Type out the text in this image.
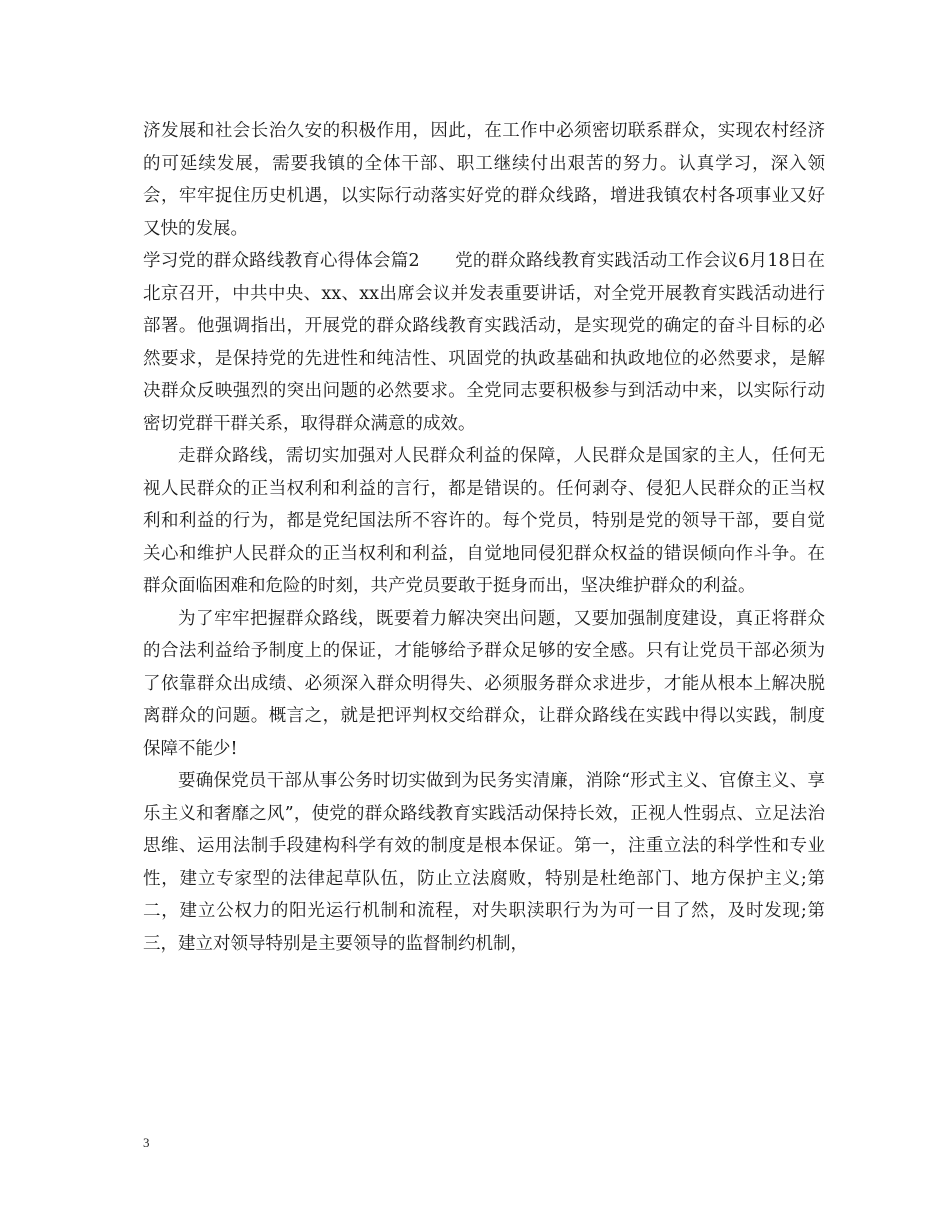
济发展和社会长治久安的积极作用，因此，在工作中必须密切联系群众，实现农村经济的可延续发展，需要我镇的全体干部、职工继续付出艰苦的努力。认真学习，深入领会，牢牢捉住历史机遇，以实际行动落实好党的群众线路，增进我镇农村各项事业又好又快的发展。

学习党的群众路线教育心得体会篇2　　党的群众路线教育实践活动工作会议6月18日在北京召开，中共中央、xx、xx出席会议并发表重要讲话，对全党开展教育实践活动进行部署。他强调指出，开展党的群众路线教育实践活动，是实现党的确定的奋斗目标的必然要求，是保持党的先进性和纯洁性、巩固党的执政基础和执政地位的必然要求，是解决群众反映强烈的突出问题的必然要求。全党同志要积极参与到活动中来，以实际行动密切党群干群关系，取得群众满意的成效。

走群众路线，需切实加强对人民群众利益的保障，人民群众是国家的主人，任何无视人民群众的正当权利和利益的言行，都是错误的。任何剥夺、侵犯人民群众的正当权利和利益的行为，都是党纪国法所不容许的。每个党员，特别是党的领导干部，要自觉关心和维护人民群众的正当权利和利益，自觉地同侵犯群众权益的错误倾向作斗争。在群众面临困难和危险的时刻，共产党员要敢于挺身而出，坚决维护群众的利益。

为了牢牢把握群众路线，既要着力解决突出问题，又要加强制度建设，真正将群众的合法利益给予制度上的保证，才能够给予群众足够的安全感。只有让党员干部必须为了依靠群众出成绩、必须深入群众明得失、必须服务群众求进步，才能从根本上解决脱离群众的问题。概言之，就是把评判权交给群众，让群众路线在实践中得以实践，制度保障不能少!

要确保党员干部从事公务时切实做到为民务实清廉，消除“形式主义、官僚主义、享乐主义和奢靡之风”，使党的群众路线教育实践活动保持长效，正视人性弱点、立足法治思维、运用法制手段建构科学有效的制度是根本保证。第一，注重立法的科学性和专业性，建立专家型的法律起草队伍，防止立法腐败，特别是杜绝部门、地方保护主义;第二，建立公权力的阳光运行机制和流程，对失职渎职行为为可一目了然，及时发现;第三，建立对领导特别是主要领导的监督制约机制，

3
